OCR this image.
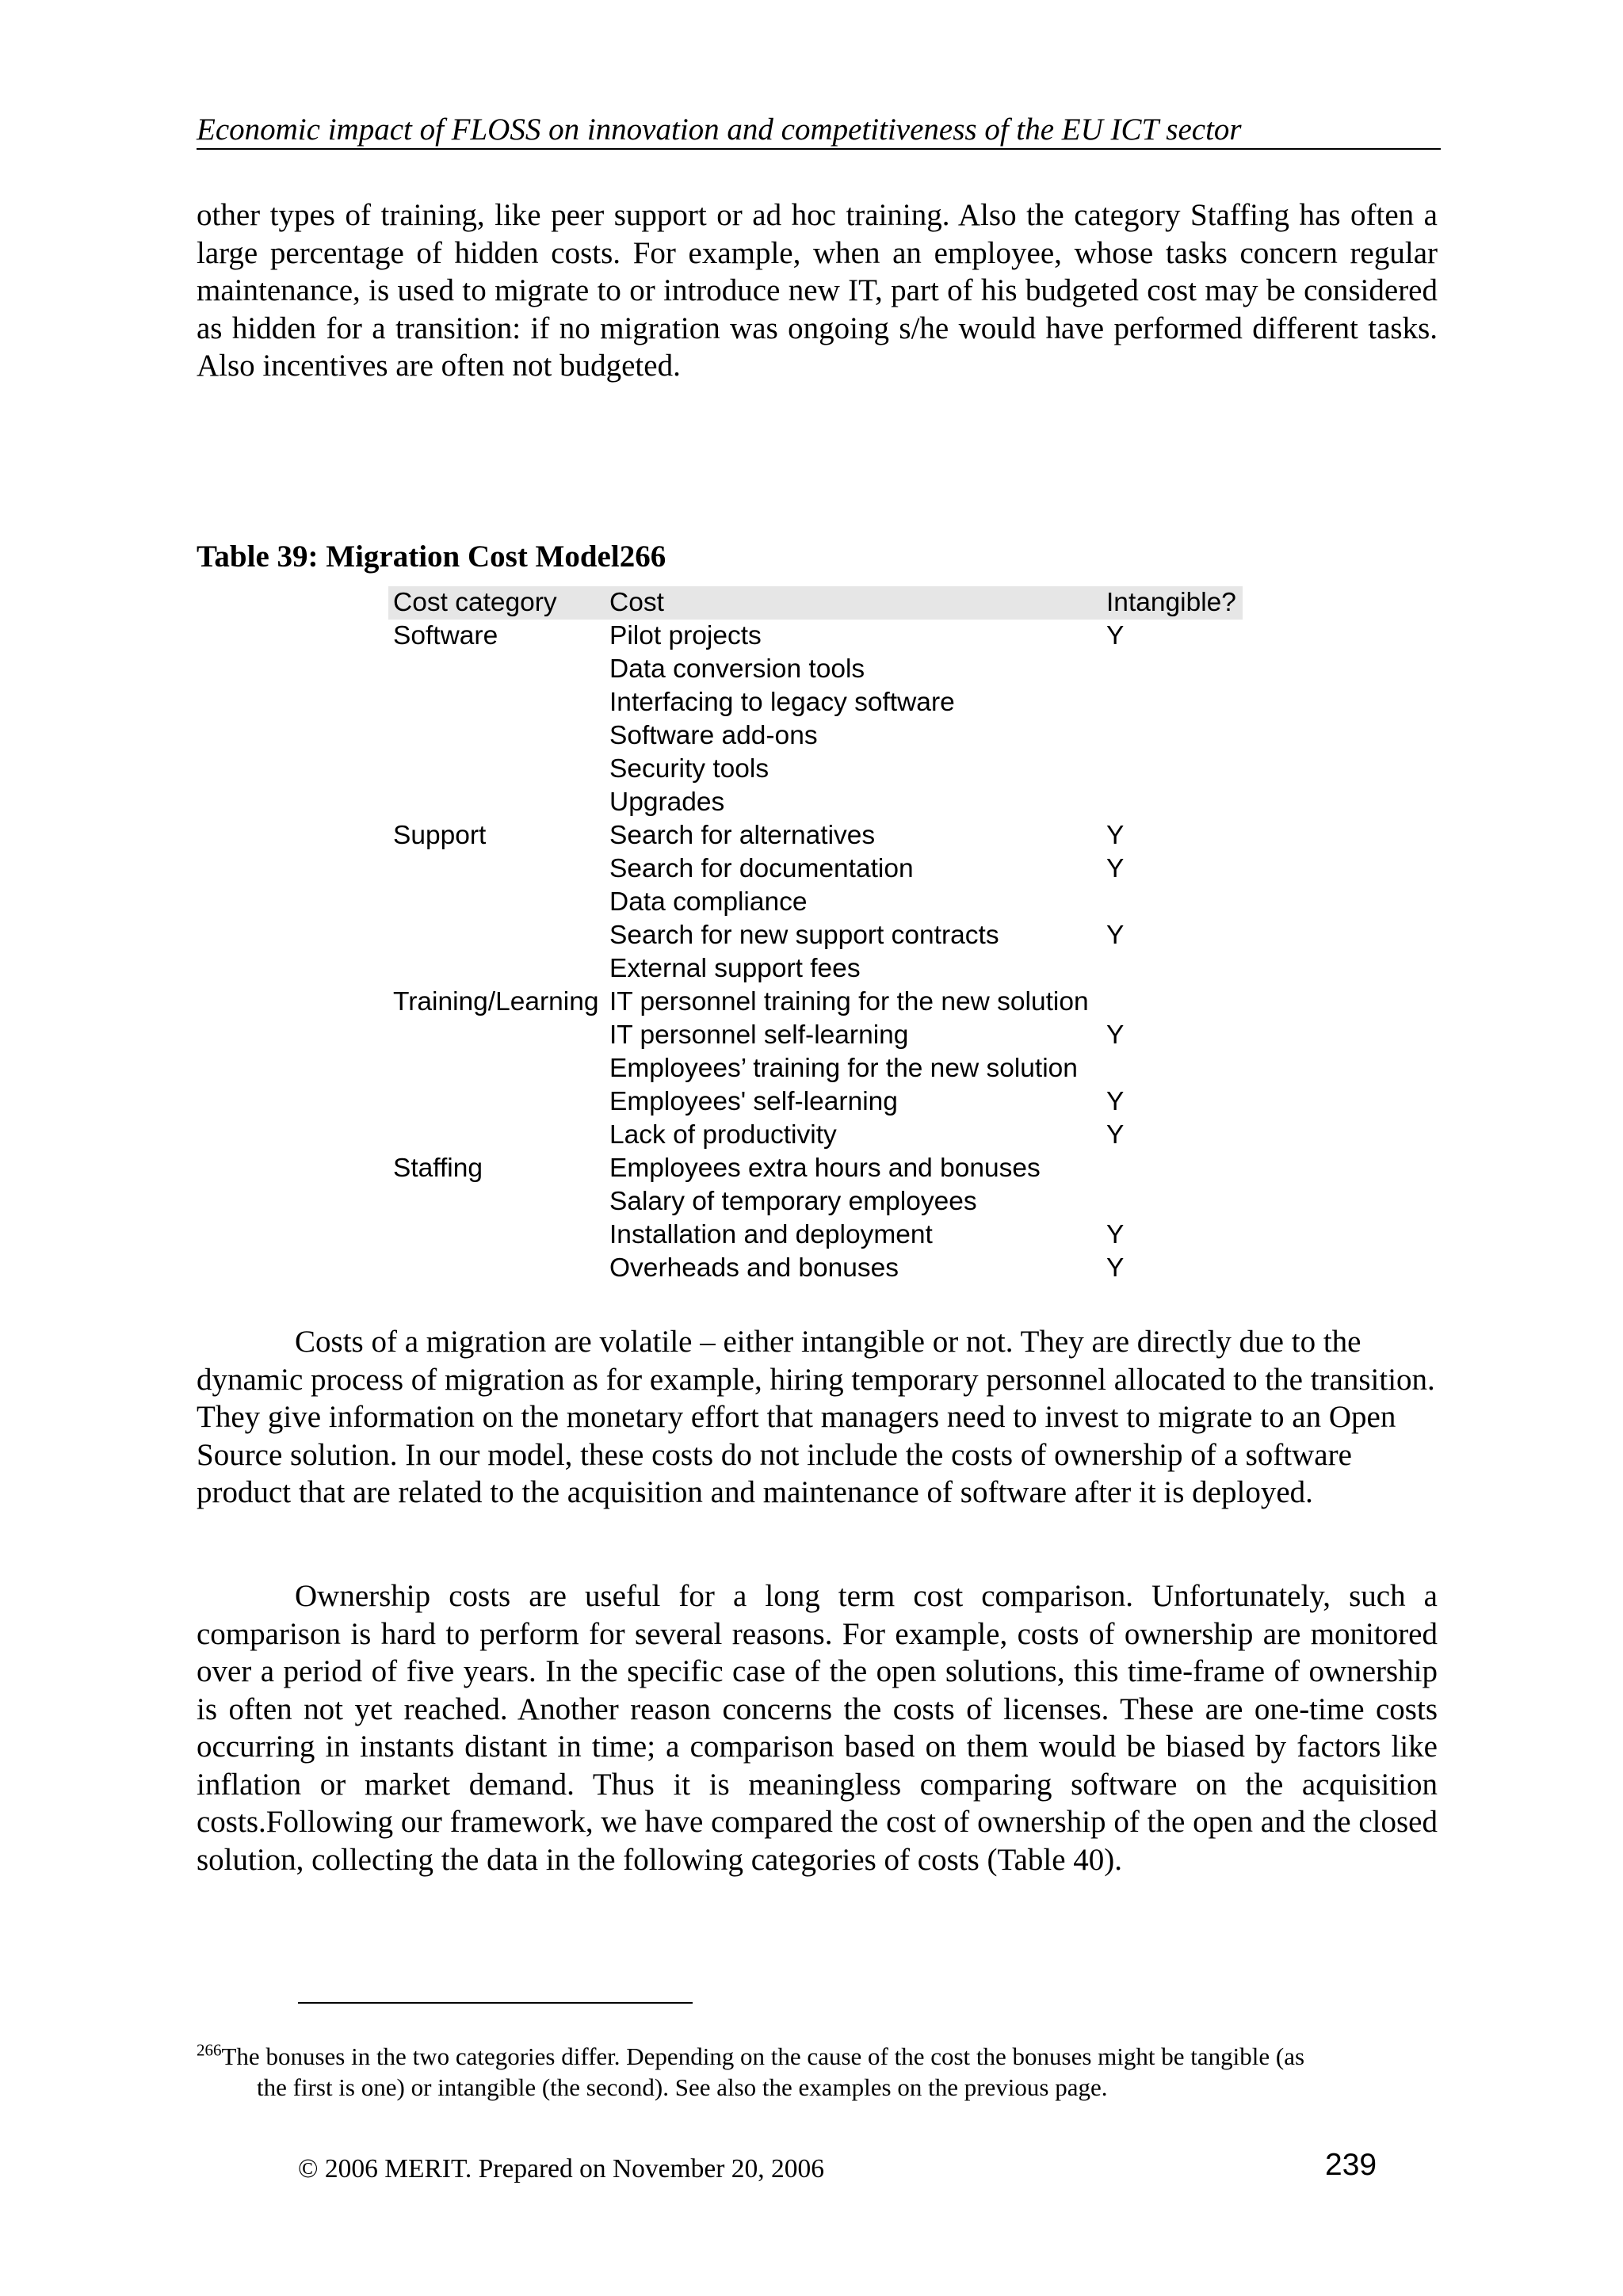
Economic impact of FLOSS on innovation and competitiveness of the EU ICT sector

other types of training, like peer support or ad hoc training. Also the category Staffing has often a large percentage of hidden costs. For example, when an employee, whose tasks concern regular maintenance, is used to migrate to or introduce new IT, part of his budgeted cost may be considered as hidden for a transition: if no migration was ongoing s/he would have performed different tasks. Also incentives are often not budgeted.

Table 39: Migration Cost Model266
Cost category	Cost	Intangible?
Software	Pilot projects	Y
	Data conversion tools	
	Interfacing to legacy software	
	Software add-ons	
	Security tools	
	Upgrades	
Support	Search for alternatives	Y
	Search for documentation	Y
	Data compliance	
	Search for new support contracts	Y
	External support fees	
Training/Learning	IT personnel training for the new solution	
	IT personnel self-learning	Y
	Employees’ training for the new solution	
	Employees' self-learning	Y
	Lack of productivity	Y
Staffing	Employees extra hours and bonuses	
	Salary of temporary employees	
	Installation and deployment	Y
	Overheads and bonuses	Y

Costs of a migration are volatile – either intangible or not. They are directly due to the dynamic process of migration as for example, hiring temporary personnel allocated to the transition. They give information on the monetary effort that managers need to invest to migrate to an Open Source solution. In our model, these costs do not include the costs of ownership of a software product that are related to the acquisition and maintenance of software after it is deployed.

Ownership costs are useful for a long term cost comparison. Unfortunately, such a comparison is hard to perform for several reasons. For example, costs of ownership are monitored over a period of five years. In the specific case of the open solutions, this time-frame of ownership is often not yet reached. Another reason concerns the costs of licenses. These are one-time costs occurring in instants distant in time; a comparison based on them would be biased by factors like inflation or market demand. Thus it is meaningless comparing software on the acquisition costs.Following our framework, we have compared the cost of ownership of the open and the closed solution, collecting the data in the following categories of costs (Table 40).

$^{266}$The bonuses in the two categories differ. Depending on the cause of the cost the bonuses might be tangible (as
the first is one) or intangible (the second). See also the examples on the previous page.
© 2006 MERIT. Prepared on November 20, 2006	239
